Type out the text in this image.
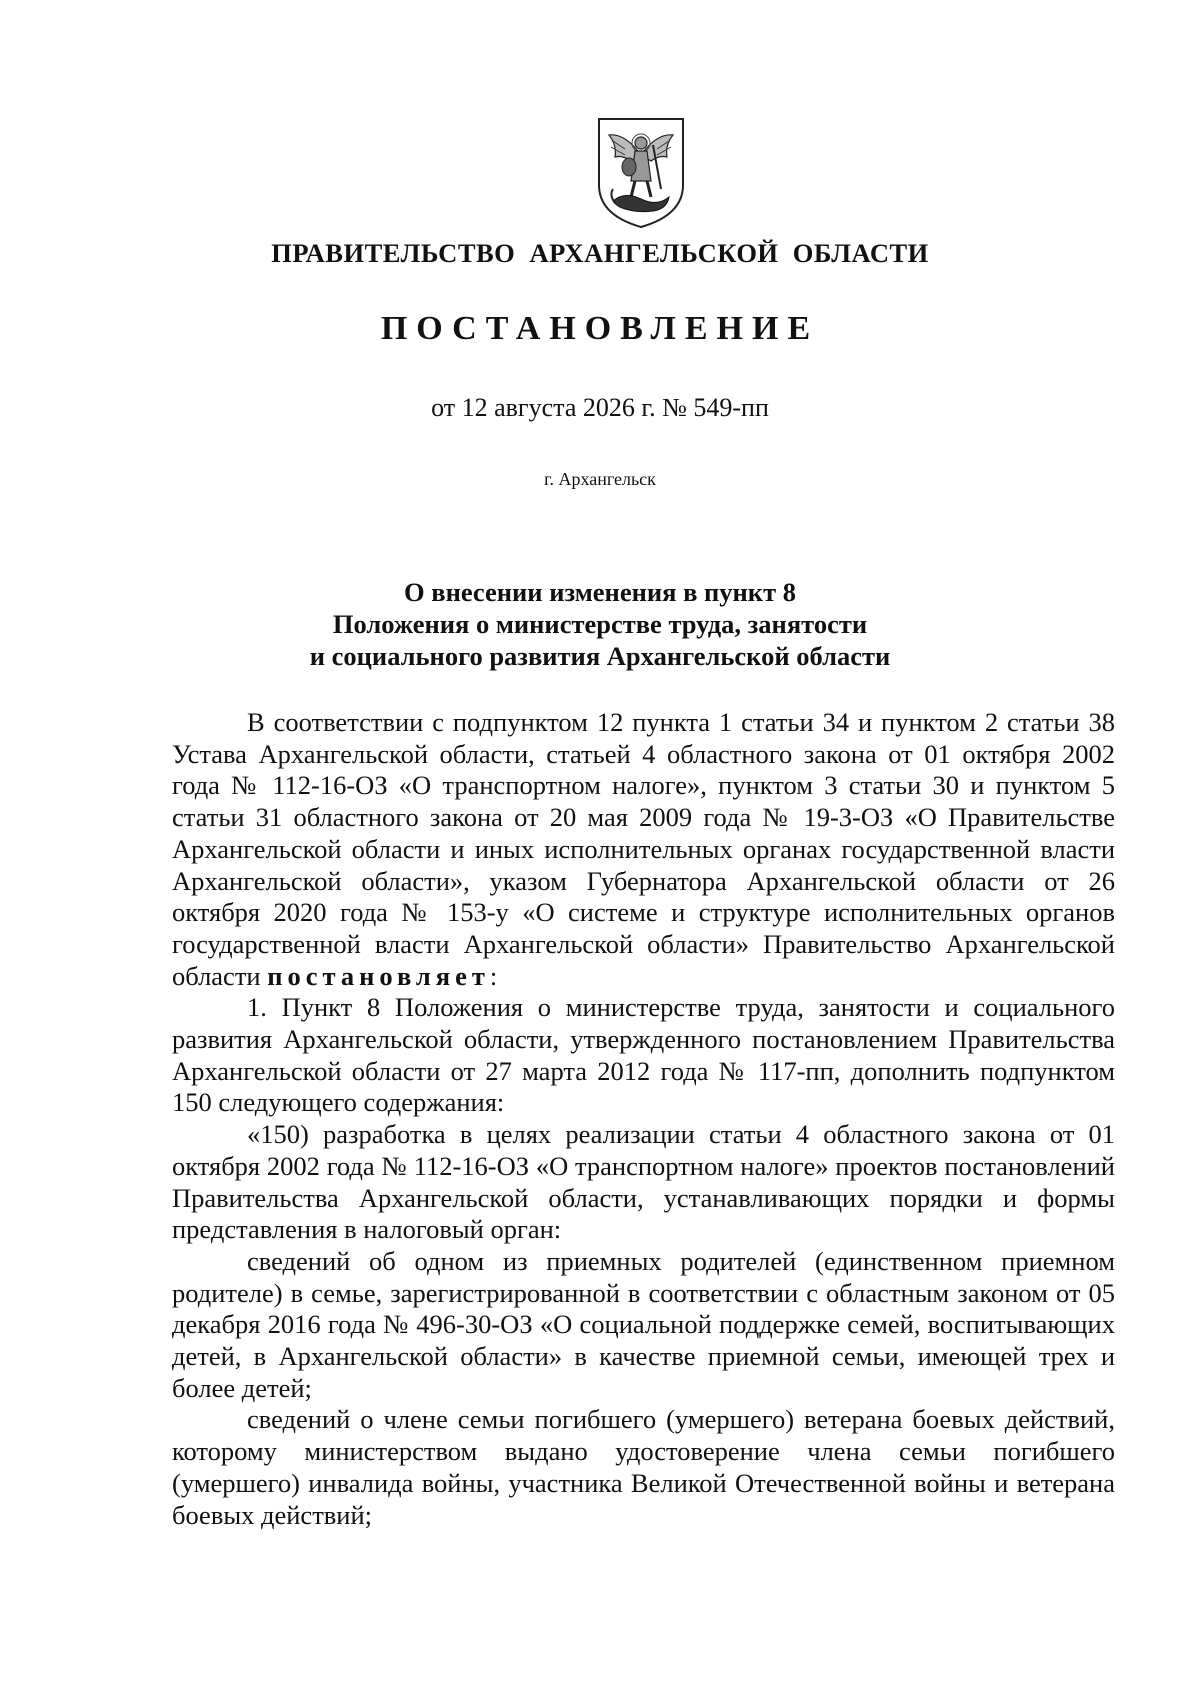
ПРАВИТЕЛЬСТВО  АРХАНГЕЛЬСКОЙ  ОБЛАСТИ
ПОСТАНОВЛЕНИЕ
от 12 августа 2026 г. № 549-пп
г. Архангельск
О внесении изменения в пункт 8
Положения о министерстве труда, занятости
и социального развития Архангельской области

В соответствии с подпунктом 12 пункта 1 статьи 34 и пунктом 2 статьи 38 Устава Архангельской области, статьей 4 областного закона от 01 октября 2002 года № 112-16-ОЗ «О транспортном налоге», пунктом 3 статьи 30 и пунктом 5 статьи 31 областного закона от 20 мая 2009 года № 19-3-ОЗ «О Правительстве Архангельской области и иных исполнительных органах государственной власти Архангельской области», указом Губернатора Архангельской области от 26 октября 2020 года № 153-у «О системе и структуре исполнительных органов государственной власти Архангельской области» Правительство Архангельской области постановляет:

1. Пункт 8 Положения о министерстве труда, занятости и социального развития Архангельской области, утвержденного постановлением Правительства Архангельской области от 27 марта 2012 года № 117-пп, дополнить подпунктом 150 следующего содержания:

«150) разработка в целях реализации статьи 4 областного закона от 01 октября 2002 года № 112-16-ОЗ «О транспортном налоге» проектов постановлений Правительства Архангельской области, устанавливающих порядки и формы представления в налоговый орган:

сведений об одном из приемных родителей (единственном приемном родителе) в семье, зарегистрированной в соответствии с областным законом от 05 декабря 2016 года № 496-30-ОЗ «О социальной поддержке семей, воспитывающих детей, в Архангельской области» в качестве приемной семьи, имеющей трех и более детей;

сведений о члене семьи погибшего (умершего) ветерана боевых действий, которому министерством выдано удостоверение члена семьи погибшего (умершего) инвалида войны, участника Великой Отечественной войны и ветерана боевых действий;
